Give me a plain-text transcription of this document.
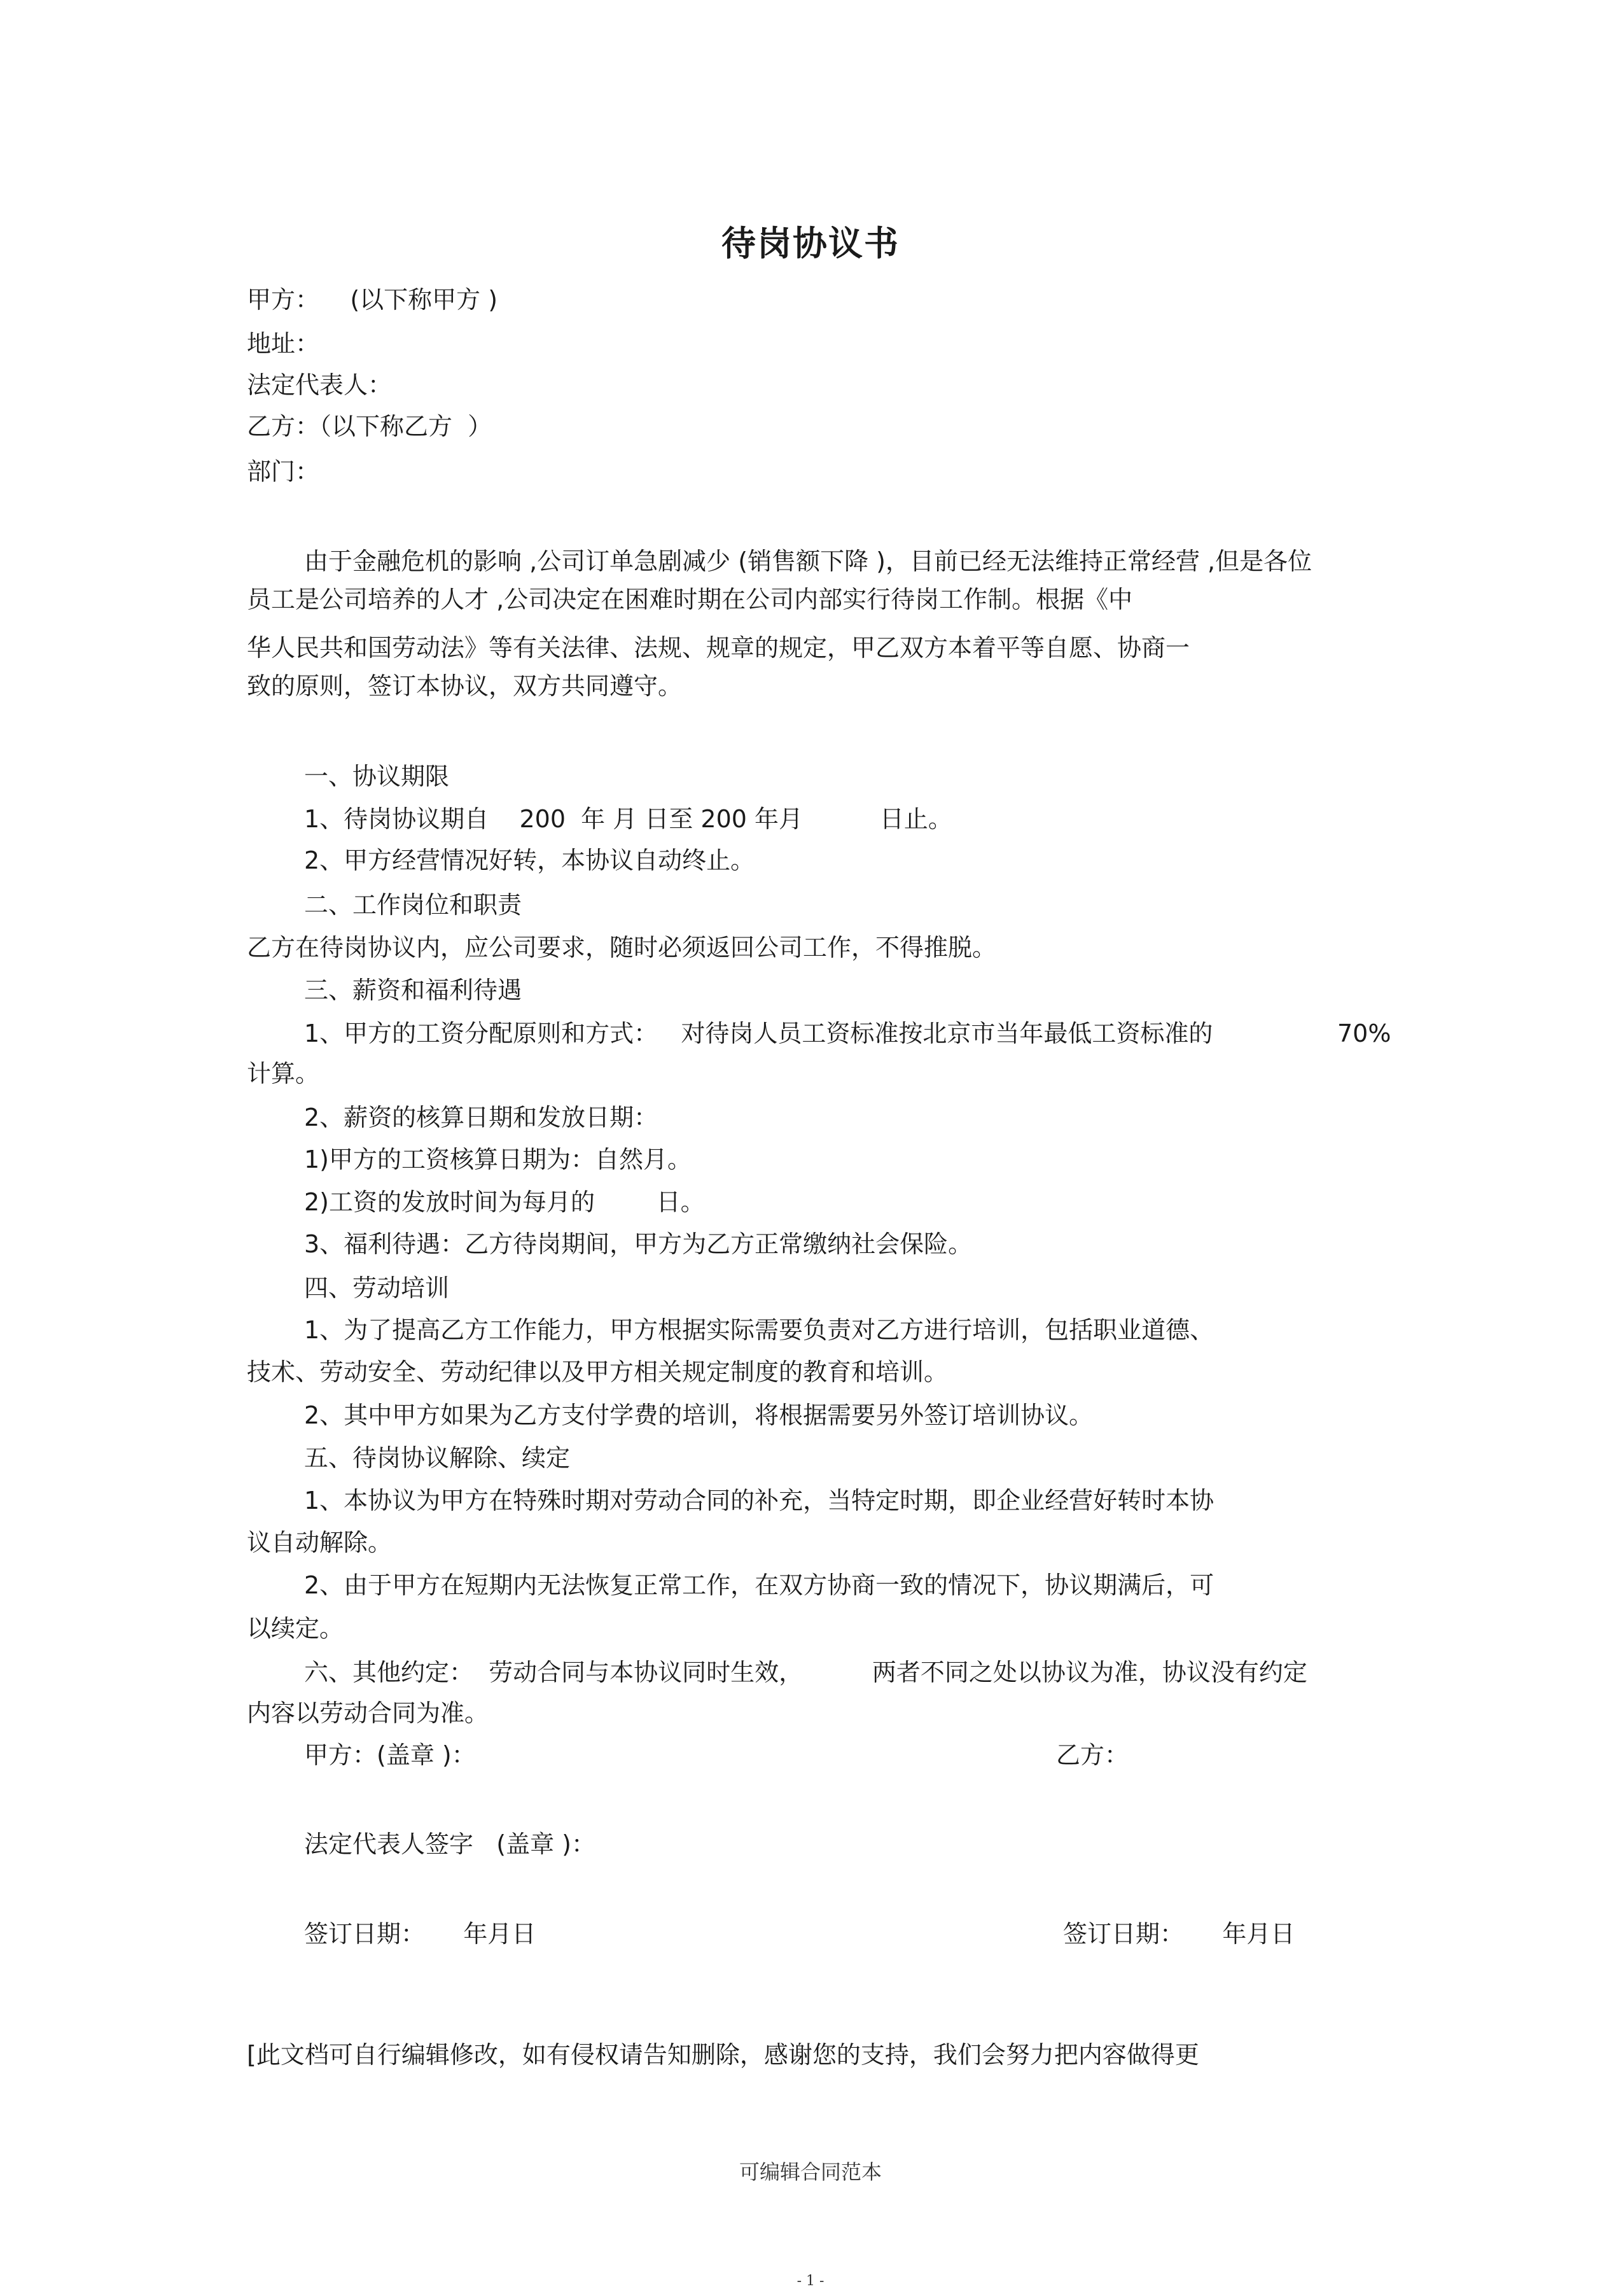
待岗协议书
甲方：    (以下称甲方 )
地址：
法定代表人：
乙方：（以下称乙方  ）
部门：
由于金融危机的影响 ,公司订单急剧减少 (销售额下降 )，目前已经无法维持正常经营 ,但是各位
员工是公司培养的人才 ,公司决定在困难时期在公司内部实行待岗工作制。根据《中
华人民共和国劳动法》等有关法律、法规、规章的规定，甲乙双方本着平等自愿、协商一
致的原则，签订本协议，双方共同遵守。
一、协议期限
1、待岗协议期自    200  年 月 日至 200 年月          日止。
2、甲方经营情况好转，本协议自动终止。
二、工作岗位和职责
乙方在待岗协议内，应公司要求，随时必须返回公司工作，不得推脱。
三、薪资和福利待遇
1、甲方的工资分配原则和方式：   对待岗人员工资标准按北京市当年最低工资标准的	70%
计算。
2、薪资的核算日期和发放日期：
1)甲方的工资核算日期为：自然月。
2)工资的发放时间为每月的        日。
3、福利待遇：乙方待岗期间，甲方为乙方正常缴纳社会保险。
四、劳动培训
1、为了提高乙方工作能力，甲方根据实际需要负责对乙方进行培训，包括职业道德、
技术、劳动安全、劳动纪律以及甲方相关规定制度的教育和培训。
2、其中甲方如果为乙方支付学费的培训，将根据需要另外签订培训协议。
五、待岗协议解除、续定
1、本协议为甲方在特殊时期对劳动合同的补充，当特定时期，即企业经营好转时本协
议自动解除。
2、由于甲方在短期内无法恢复正常工作，在双方协商一致的情况下，协议期满后，可
以续定。
六、其他约定：  劳动合同与本协议同时生效，         两者不同之处以协议为准，协议没有约定
内容以劳动合同为准。
甲方：(盖章 )：	乙方：
法定代表人签字   (盖章 )：
签订日期：     年月日	签订日期：     年月日
[此文档可自行编辑修改，如有侵权请告知删除，感谢您的支持，我们会努力把内容做得更
可编辑合同范本
- 1 -
